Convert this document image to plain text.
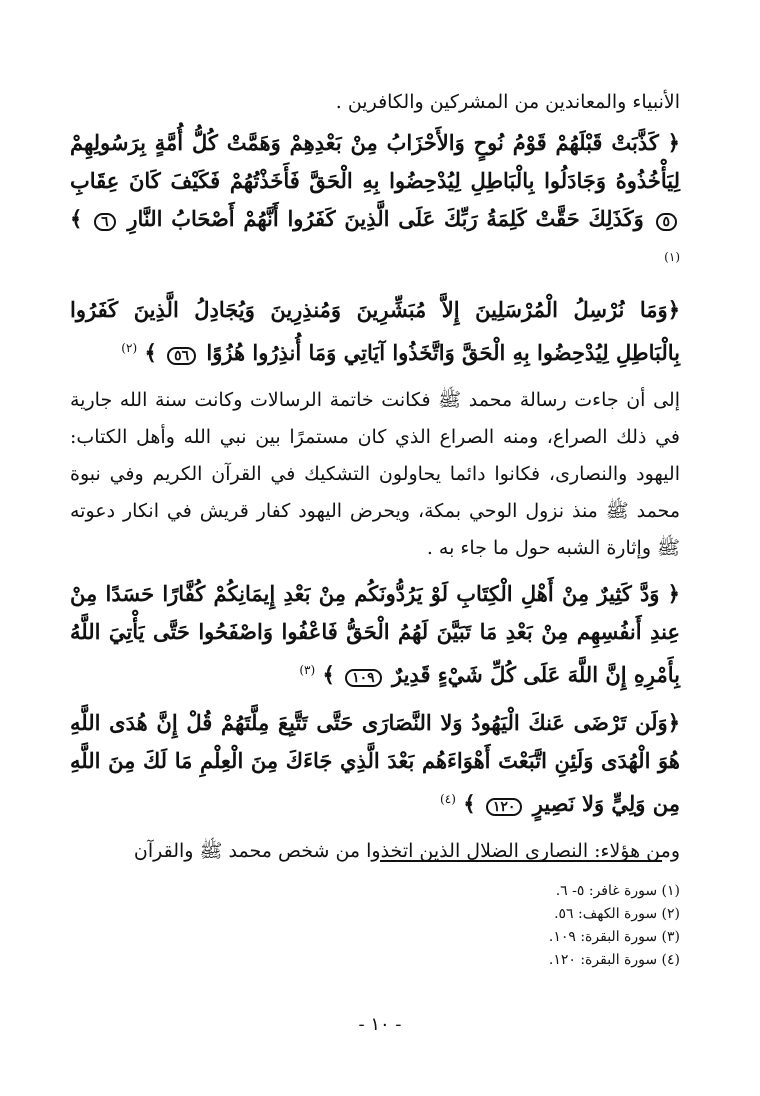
الأنبياء والمعاندين من المشركين والكافرين .

﴿ كَذَّبَتْ قَبْلَهُمْ قَوْمُ نُوحٍ وَالأَحْزَابُ مِنْ بَعْدِهِمْ وَهَمَّتْ كُلُّ أُمَّةٍ بِرَسُولِهِمْ لِيَأْخُذُوهُ وَجَادَلُوا بِالْبَاطِلِ لِيُدْحِضُوا بِهِ الْحَقَّ فَأَخَذْتُهُمْ فَكَيْفَ كَانَ عِقَابِ ٥ وَكَذَلِكَ حَقَّتْ كَلِمَةُ رَبِّكَ عَلَى الَّذِينَ كَفَرُوا أَنَّهُمْ أَصْحَابُ النَّارِ ٦ ﴾ $^{(١)}$

﴿وَمَا نُرْسِلُ الْمُرْسَلِينَ إِلاَّ مُبَشِّرِينَ وَمُنذِرِينَ وَيُجَادِلُ الَّذِينَ كَفَرُوا بِالْبَاطِلِ لِيُدْحِضُوا بِهِ الْحَقَّ وَاتَّخَذُوا آيَاتِي وَمَا أُنذِرُوا هُزُوًا ٥٦ ﴾ $^{(٢)}$

إلى أن جاءت رسالة محمد ﷺ فكانت خاتمة الرسالات وكانت سنة الله جارية في ذلك الصراع، ومنه الصراع الذي كان مستمرًا بين نبي الله وأهل الكتاب: اليهود والنصارى، فكانوا دائما يحاولون التشكيك في القرآن الكريم وفي نبوة محمد ﷺ منذ نزول الوحي بمكة، ويحرض اليهود كفار قريش في انكار دعوته ﷺ وإثارة الشبه حول ما جاء به .

﴿ وَدَّ كَثِيرٌ مِنْ أَهْلِ الْكِتَابِ لَوْ يَرُدُّونَكُم مِنْ بَعْدِ إِيمَانِكُمْ كُفَّارًا حَسَدًا مِنْ عِندِ أَنفُسِهِم مِنْ بَعْدِ مَا تَبَيَّنَ لَهُمُ الْحَقُّ فَاعْفُوا وَاصْفَحُوا حَتَّى يَأْتِيَ اللَّهُ بِأَمْرِهِ إِنَّ اللَّهَ عَلَى كُلِّ شَيْءٍ قَدِيرٌ ١٠٩ ﴾ $^{(٣)}$

﴿وَلَن تَرْضَى عَنكَ الْيَهُودُ وَلا النَّصَارَى حَتَّى تَتَّبِعَ مِلَّتَهُمْ قُلْ إِنَّ هُدَى اللَّهِ هُوَ الْهُدَى وَلَئِنِ اتَّبَعْتَ أَهْوَاءَهُم بَعْدَ الَّذِي جَاءَكَ مِنَ الْعِلْمِ مَا لَكَ مِنَ اللَّهِ مِن وَلِيٍّ وَلا نَصِيرٍ ١٢٠ ﴾ $^{(٤)}$

ومن هؤلاء: النصارى الضلال الذين اتخذوا من شخص محمد ﷺ والقرآن

(١) سورة غافر: ٥- ٦.
(٢) سورة الكهف: ٥٦.
(٣) سورة البقرة: ١٠٩.
(٤) سورة البقرة: ١٢٠.
- ١٠ -
